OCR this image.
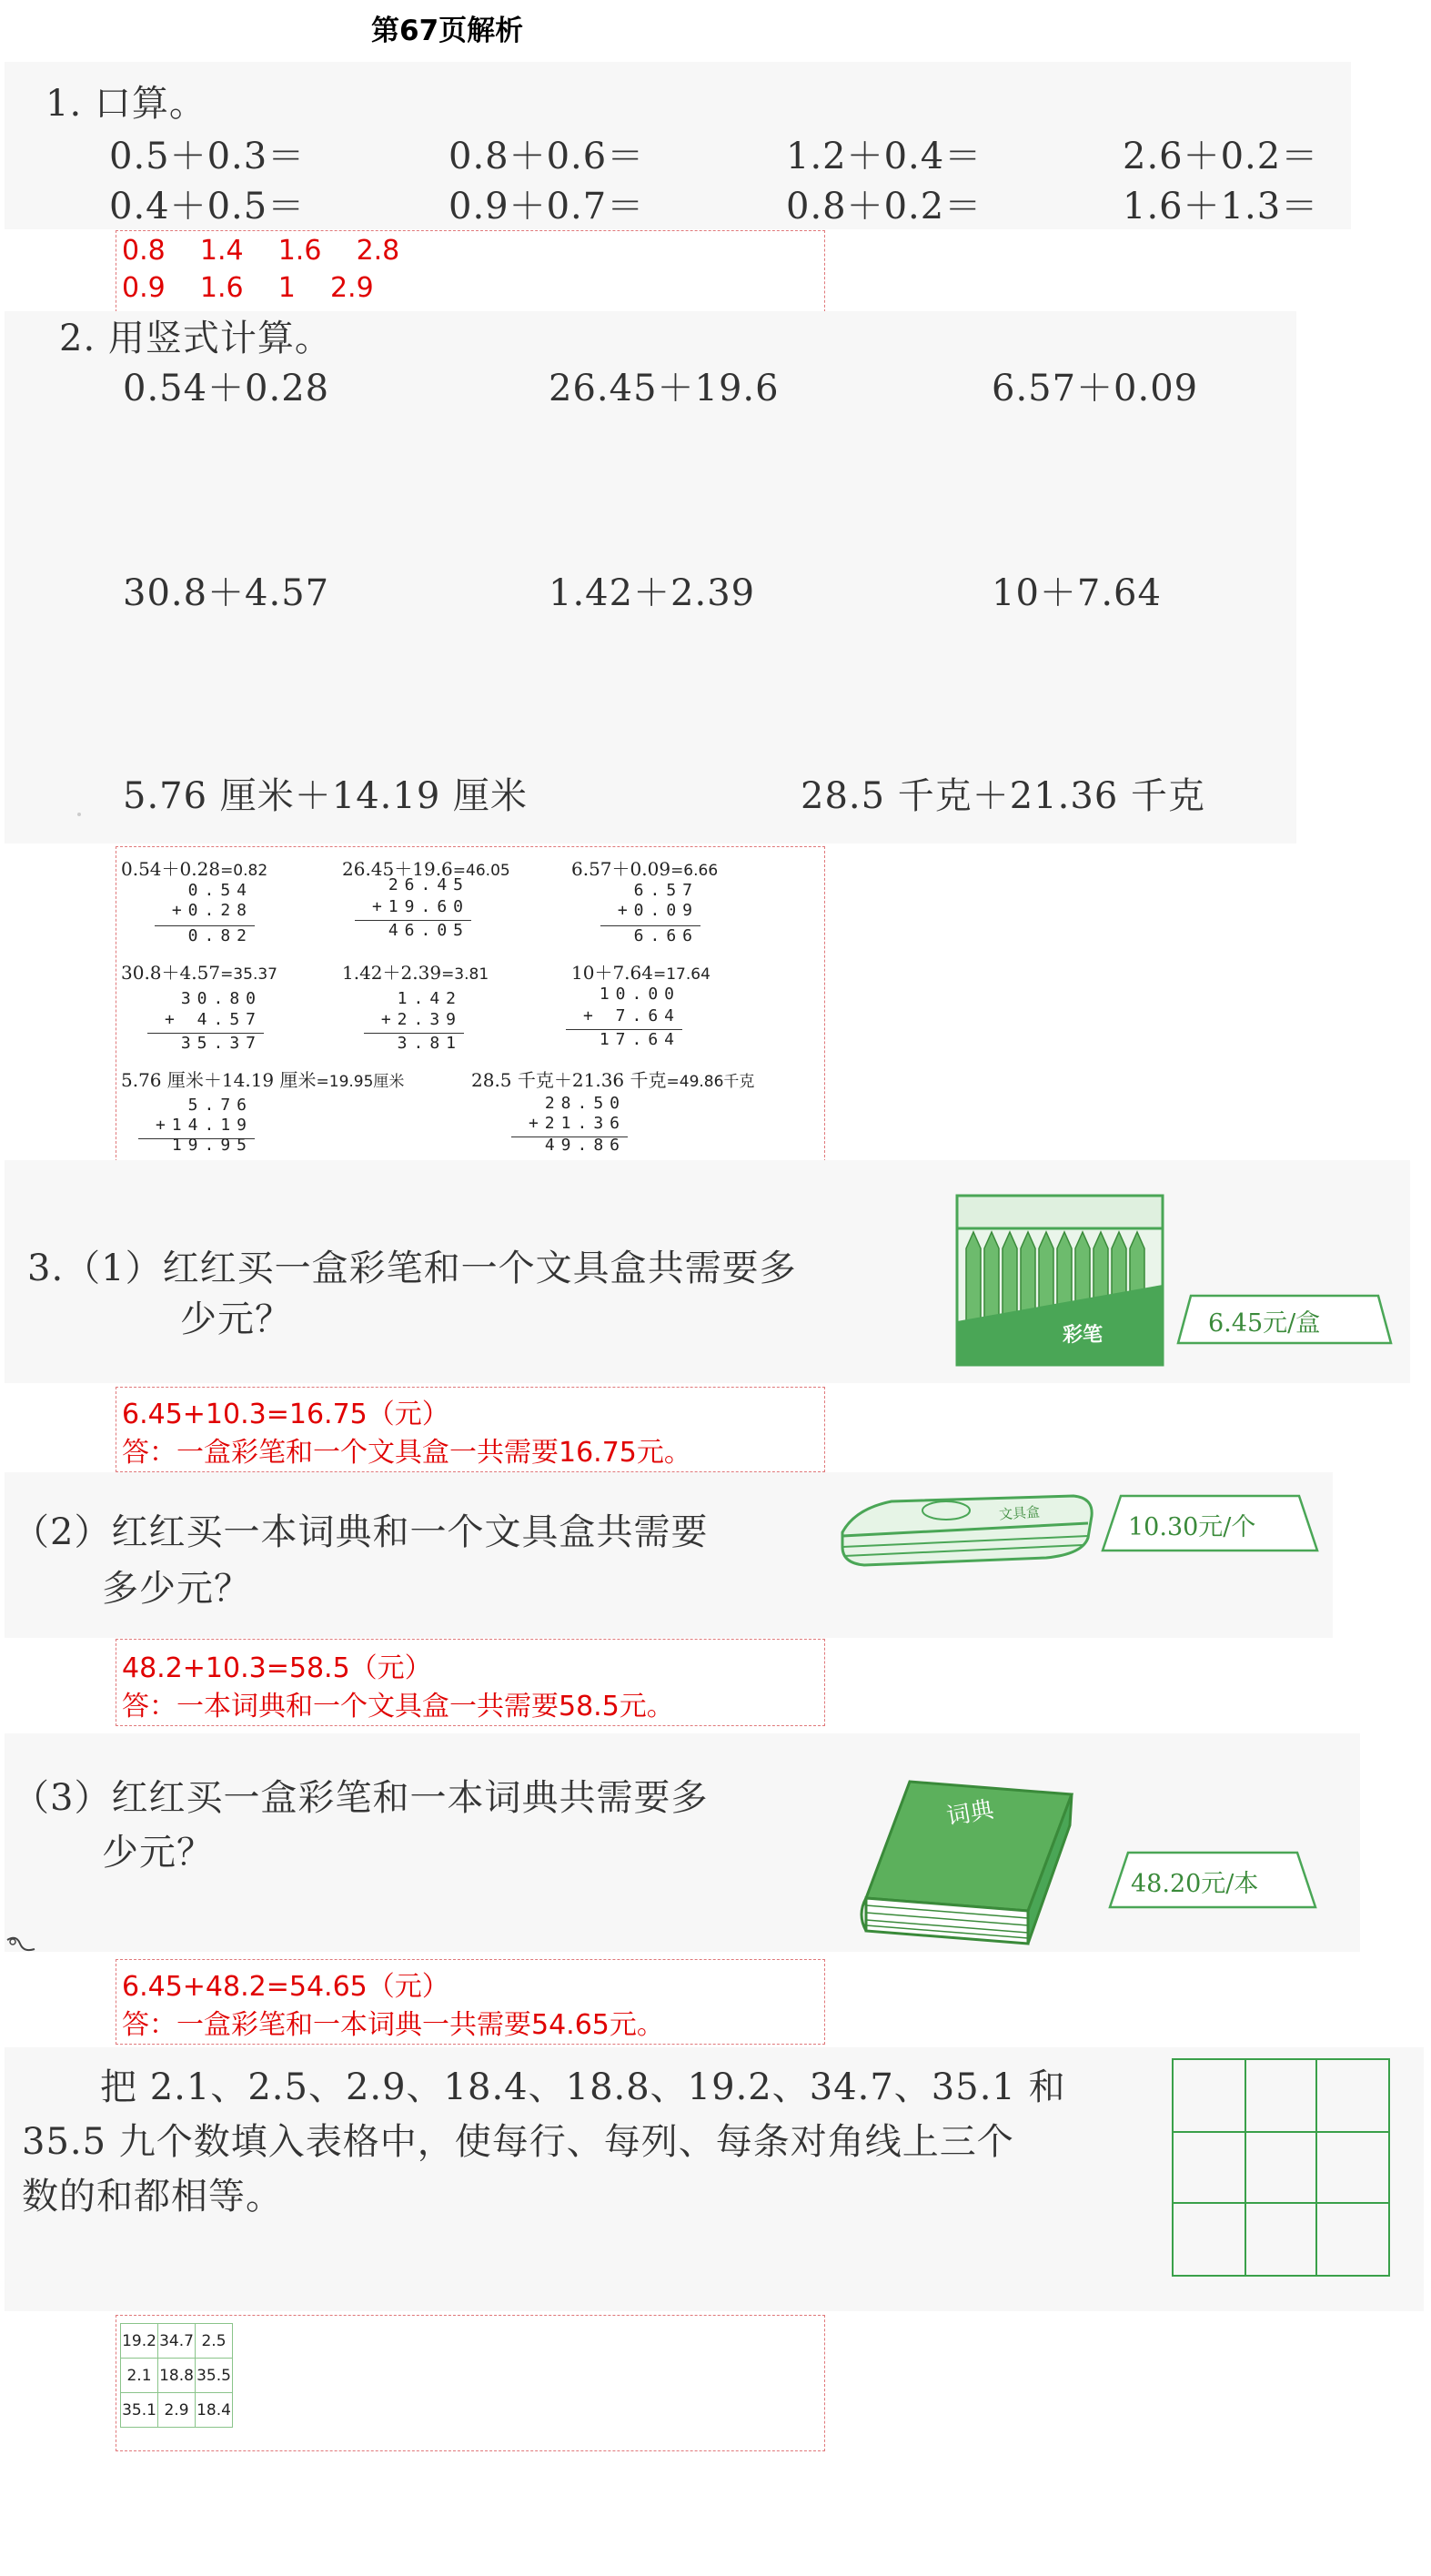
第67页解析
1. 口算。
0.5＋0.3＝	0.8＋0.6＝	1.2＋0.4＝	2.6＋0.2＝
0.4＋0.5＝	0.9＋0.7＝	0.8＋0.2＝	1.6＋1.3＝
0.8    1.4    1.6    2.8
0.9    1.6    1    2.9
2. 用竖式计算。
0.54＋0.28	26.45＋19.6	6.57＋0.09
30.8＋4.57	1.42＋2.39	10＋7.64
5.76 厘米＋14.19 厘米	28.5 千克＋21.36 千克
0.54＋0.28=0.82
0.54
+0.28
0.82
26.45＋19.6=46.05
26.45
+19.60
46.05
6.57＋0.09=6.66
6.57
+0.09
6.66
30.8＋4.57=35.37
30.80
+ 4.57
35.37
1.42＋2.39=3.81
1.42
+2.39
3.81
10＋7.64=17.64
10.00
+ 7.64
17.64
5.76 厘米＋14.19 厘米=19.95厘米
5.76
+14.19
19.95
28.5 千克＋21.36 千克=49.86千克
28.50
+21.36
49.86
3.（1）红红买一盒彩笔和一个文具盒共需要多
少元？	彩笔	6.45元/盒
6.45+10.3=16.75（元）
答：一盒彩笔和一个文具盒一共需要16.75元。
（2）红红买一本词典和一个文具盒共需要
多少元？
文具盒
10.30元/个
48.2+10.3=58.5（元）
答：一本词典和一个文具盒一共需要58.5元。
（3）红红买一盒彩笔和一本词典共需要多
少元？
词典
48.20元/本
6.45+48.2=54.65（元）
答：一盒彩笔和一本词典一共需要54.65元。
把 2.1、2.5、2.9、18.4、18.8、19.2、34.7、35.1 和
35.5 九个数填入表格中，使每行、每列、每条对角线上三个
数的和都相等。
19.2	34.7	2.5
2.1	18.8	35.5
35.1	2.9	18.4
